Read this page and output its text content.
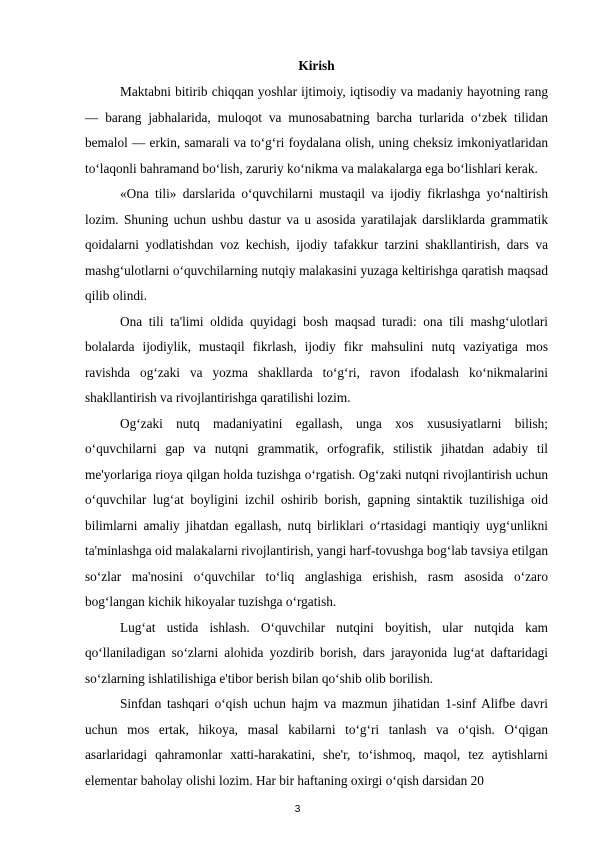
Kirish

Maktabni bitirib chiqqan yoshlar ijtimoiy, iqtisodiy va madaniy hayotning rang — barang jabhalarida, muloqot va munosabatning barcha turlarida o‘zbek tilidan bemalol — erkin, samarali va to‘g‘ri foydalana olish, uning cheksiz imkoniyatlaridan to‘laqonli bahramand bo‘lish, zaruriy ko‘nikma va malakalarga ega bo‘lishlari kerak.

«Ona tili» darslarida o‘quvchilarni mustaqil va ijodiy fikrlashga yo‘naltirish lozim. Shuning uchun ushbu dastur va u asosida yaratilajak darsliklarda grammatik qoidalarni yodlatishdan voz kechish, ijodiy tafakkur tarzini shakllantirish, dars va mashg‘ulotlarni o‘quvchilarning nutqiy malakasini yuzaga keltirishga qaratish maqsad qilib olindi.

Ona tili ta'limi oldida quyidagi bosh maqsad turadi: ona tili mashg‘ulotlari bolalarda ijodiylik, mustaqil fikrlash, ijodiy fikr mahsulini nutq vaziyatiga mos ravishda og‘zaki va yozma shakllarda to‘g‘ri, ravon ifodalash ko‘nikmalarini shakllantirish va rivojlantirishga qaratilishi lozim.

Og‘zaki nutq madaniyatini egallash, unga xos xususiyatlarni bilish; o‘quvchilarni gap va nutqni grammatik, orfografik, stilistik jihatdan adabiy til me'yorlariga rioya qilgan holda tuzishga o‘rgatish. Og‘zaki nutqni rivojlantirish uchun o‘quvchilar lug‘at boyligini izchil oshirib borish, gapning sintaktik tuzilishiga oid bilimlarni amaliy jihatdan egallash, nutq birliklari o‘rtasidagi mantiqiy uyg‘unlikni ta'minlashga oid malakalarni rivojlantirish, yangi harf-tovushga bog‘lab tavsiya etilgan so‘zlar ma'nosini o‘quvchilar to‘liq anglashiga erishish, rasm asosida o‘zaro bog‘langan kichik hikoyalar tuzishga o‘rgatish.

Lug‘at ustida ishlash. O‘quvchilar nutqini boyitish, ular nutqida kam qo‘llaniladigan so‘zlarni alohida yozdirib borish, dars jarayonida lug‘at daftaridagi so‘zlarning ishlatilishiga e'tibor berish bilan qo‘shib olib borilish.

Sinfdan tashqari o‘qish uchun hajm va mazmun jihatidan 1-sinf Alifbe davri uchun mos ertak, hikoya, masal kabilarni to‘g‘ri tanlash va o‘qish. O‘qigan asarlaridagi qahramonlar xatti-harakatini, she'r, to‘ishmoq, maqol, tez aytishlarni elementar baholay olishi lozim. Har bir haftaning oxirgi o‘qish darsidan 20

3
